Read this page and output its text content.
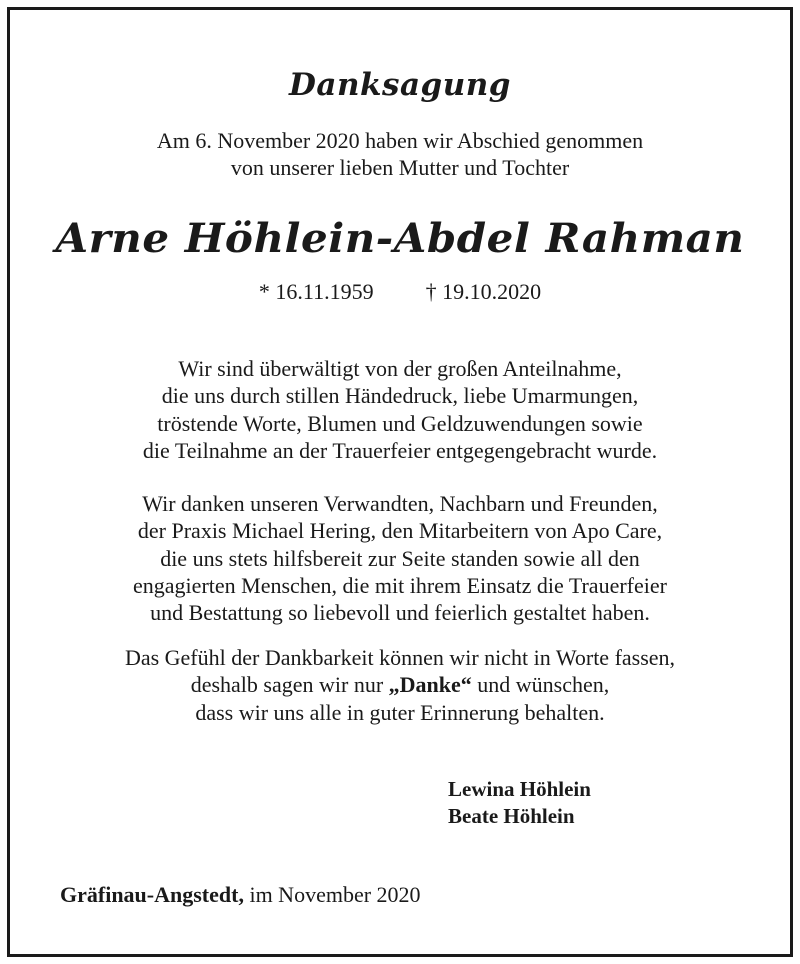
Danksagung
Am 6. November 2020 haben wir Abschied genommen
von unserer lieben Mutter und Tochter
Arne Höhlein-Abdel Rahman
* 16.11.1959 † 19.10.2020

Wir sind überwältigt von der großen Anteilnahme,
die uns durch stillen Händedruck, liebe Umarmungen,
tröstende Worte, Blumen und Geldzuwendungen sowie
die Teilnahme an der Trauerfeier entgegengebracht wurde.

Wir danken unseren Verwandten, Nachbarn und Freunden,
der Praxis Michael Hering, den Mitarbeitern von Apo Care,
die uns stets hilfsbereit zur Seite standen sowie all den
engagierten Menschen, die mit ihrem Einsatz die Trauerfeier
und Bestattung so liebevoll und feierlich gestaltet haben.

Das Gefühl der Dankbarkeit können wir nicht in Worte fassen,
deshalb sagen wir nur „Danke“ und wünschen,
dass wir uns alle in guter Erinnerung behalten.

Lewina Höhlein
Beate Höhlein
Gräfinau-Angstedt, im November 2020
